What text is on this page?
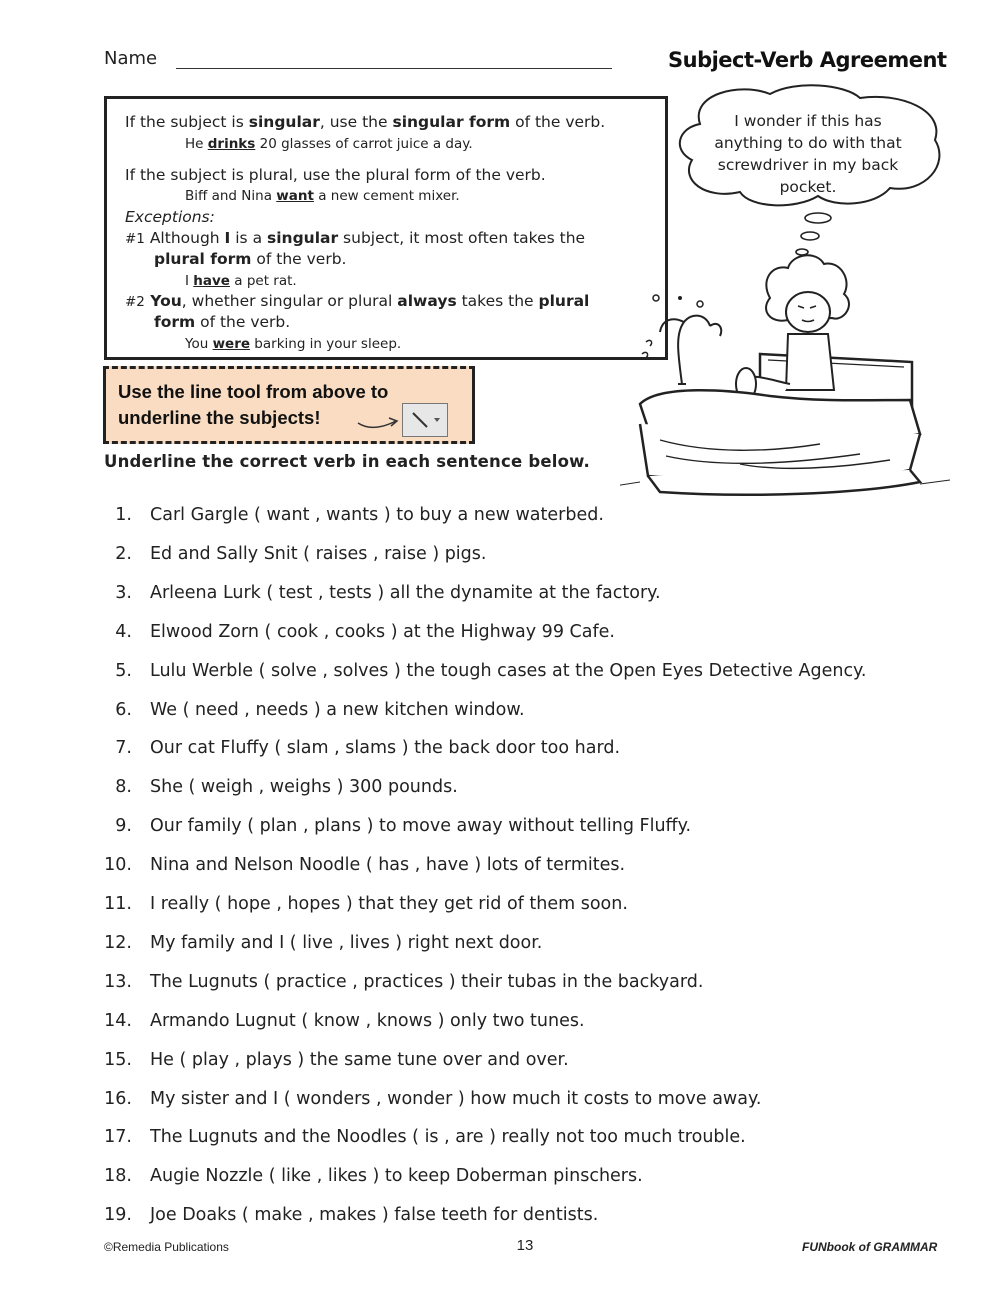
Name	Subject-Verb Agreement
If the subject is singular, use the singular form of the verb.
He drinks 20 glasses of carrot juice a day.
If the subject is plural, use the plural form of the verb.
Biff and Nina want a new cement mixer.
Exceptions:
#1 Although I is a singular subject, it most often takes the
plural form of the verb.
I have a pet rat.
#2 You, whether singular or plural always takes the plural
form of the verb.
You were barking in your sleep.
Use the line tool from above to
underline the subjects!
Underline the correct verb in each sentence below.
I wonder if this has
anything to do with that
screwdriver in my back
pocket.
1. Carl Gargle ( want , wants ) to buy a new waterbed.
2. Ed and Sally Snit ( raises , raise ) pigs.
3. Arleena Lurk ( test , tests ) all the dynamite at the factory.
4. Elwood Zorn ( cook , cooks ) at the Highway 99 Cafe.
5. Lulu Werble ( solve , solves ) the tough cases at the Open Eyes Detective Agency.
6. We ( need , needs ) a new kitchen window.
7. Our cat Fluffy ( slam , slams ) the back door too hard.
8. She ( weigh , weighs ) 300 pounds.
9. Our family ( plan , plans ) to move away without telling Fluffy.
10. Nina and Nelson Noodle ( has , have ) lots of termites.
11. I really ( hope , hopes ) that they get rid of them soon.
12. My family and I ( live , lives ) right next door.
13. The Lugnuts ( practice , practices ) their tubas in the backyard.
14. Armando Lugnut ( know , knows ) only two tunes.
15. He ( play , plays ) the same tune over and over.
16. My sister and I ( wonders , wonder ) how much it costs to move away.
17. The Lugnuts and the Noodles ( is , are ) really not too much trouble.
18. Augie Nozzle ( like , likes ) to keep Doberman pinschers.
19. Joe Doaks ( make , makes ) false teeth for dentists.
©Remedia Publications	13	FUNbook of GRAMMAR
